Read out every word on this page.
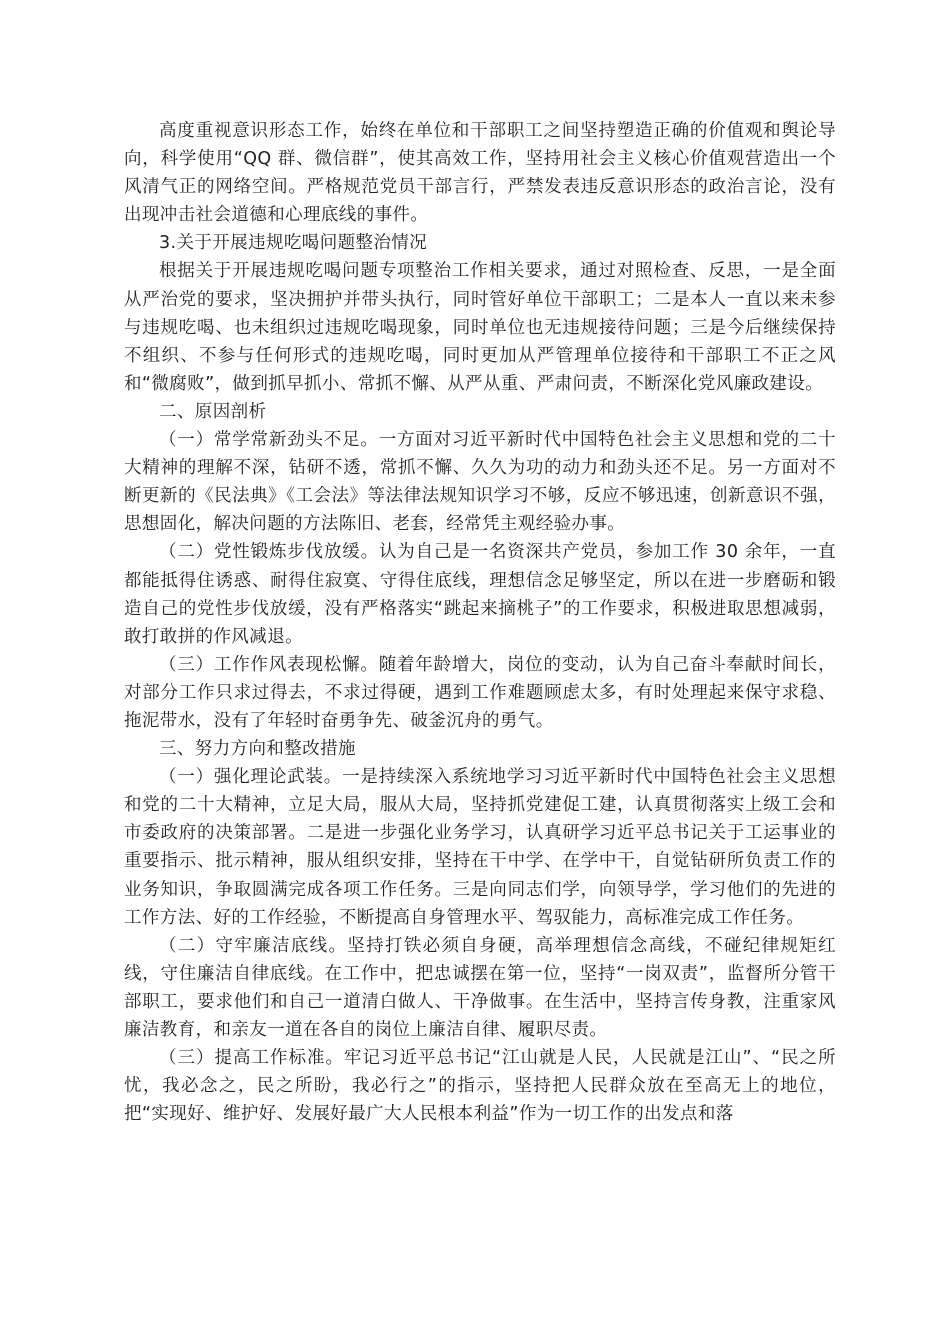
高度重视意识形态工作，始终在单位和干部职工之间坚持塑造正确的价值观和舆论导向，科学使用“QQ 群、微信群”，使其高效工作，坚持用社会主义核心价值观营造出一个风清气正的网络空间。严格规范党员干部言行，严禁发表违反意识形态的政治言论，没有出现冲击社会道德和心理底线的事件。

3.关于开展违规吃喝问题整治情况

根据关于开展违规吃喝问题专项整治工作相关要求，通过对照检查、反思，一是全面从严治党的要求，坚决拥护并带头执行，同时管好单位干部职工；二是本人一直以来未参与违规吃喝、也未组织过违规吃喝现象，同时单位也无违规接待问题；三是今后继续保持不组织、不参与任何形式的违规吃喝，同时更加从严管理单位接待和干部职工不正之风和“微腐败”，做到抓早抓小、常抓不懈、从严从重、严肃问责，不断深化党风廉政建设。

二、原因剖析

（一）常学常新劲头不足。一方面对习近平新时代中国特色社会主义思想和党的二十大精神的理解不深，钻研不透，常抓不懈、久久为功的动力和劲头还不足。另一方面对不断更新的《民法典》《工会法》等法律法规知识学习不够，反应不够迅速，创新意识不强，思想固化，解决问题的方法陈旧、老套，经常凭主观经验办事。

（二）党性锻炼步伐放缓。认为自己是一名资深共产党员，参加工作 30 余年，一直都能抵得住诱惑、耐得住寂寞、守得住底线，理想信念足够坚定，所以在进一步磨砺和锻造自己的党性步伐放缓，没有严格落实“跳起来摘桃子”的工作要求，积极进取思想减弱，敢打敢拼的作风减退。

（三）工作作风表现松懈。随着年龄增大，岗位的变动，认为自己奋斗奉献时间长，对部分工作只求过得去，不求过得硬，遇到工作难题顾虑太多，有时处理起来保守求稳、拖泥带水，没有了年轻时奋勇争先、破釜沉舟的勇气。

三、努力方向和整改措施

（一）强化理论武装。一是持续深入系统地学习习近平新时代中国特色社会主义思想和党的二十大精神，立足大局，服从大局，坚持抓党建促工建，认真贯彻落实上级工会和市委政府的决策部署。二是进一步强化业务学习，认真研学习近平总书记关于工运事业的重要指示、批示精神，服从组织安排，坚持在干中学、在学中干，自觉钻研所负责工作的业务知识，争取圆满完成各项工作任务。三是向同志们学，向领导学，学习他们的先进的工作方法、好的工作经验，不断提高自身管理水平、驾驭能力，高标准完成工作任务。

（二）守牢廉洁底线。坚持打铁必须自身硬，高举理想信念高线，不碰纪律规矩红线，守住廉洁自律底线。在工作中，把忠诚摆在第一位，坚持“一岗双责”，监督所分管干部职工，要求他们和自己一道清白做人、干净做事。在生活中，坚持言传身教，注重家风廉洁教育，和亲友一道在各自的岗位上廉洁自律、履职尽责。

（三）提高工作标准。牢记习近平总书记“江山就是人民，人民就是江山”、“民之所忧，我必念之，民之所盼，我必行之”的指示，坚持把人民群众放在至高无上的地位，把“实现好、维护好、发展好最广大人民根本利益”作为一切工作的出发点和落
